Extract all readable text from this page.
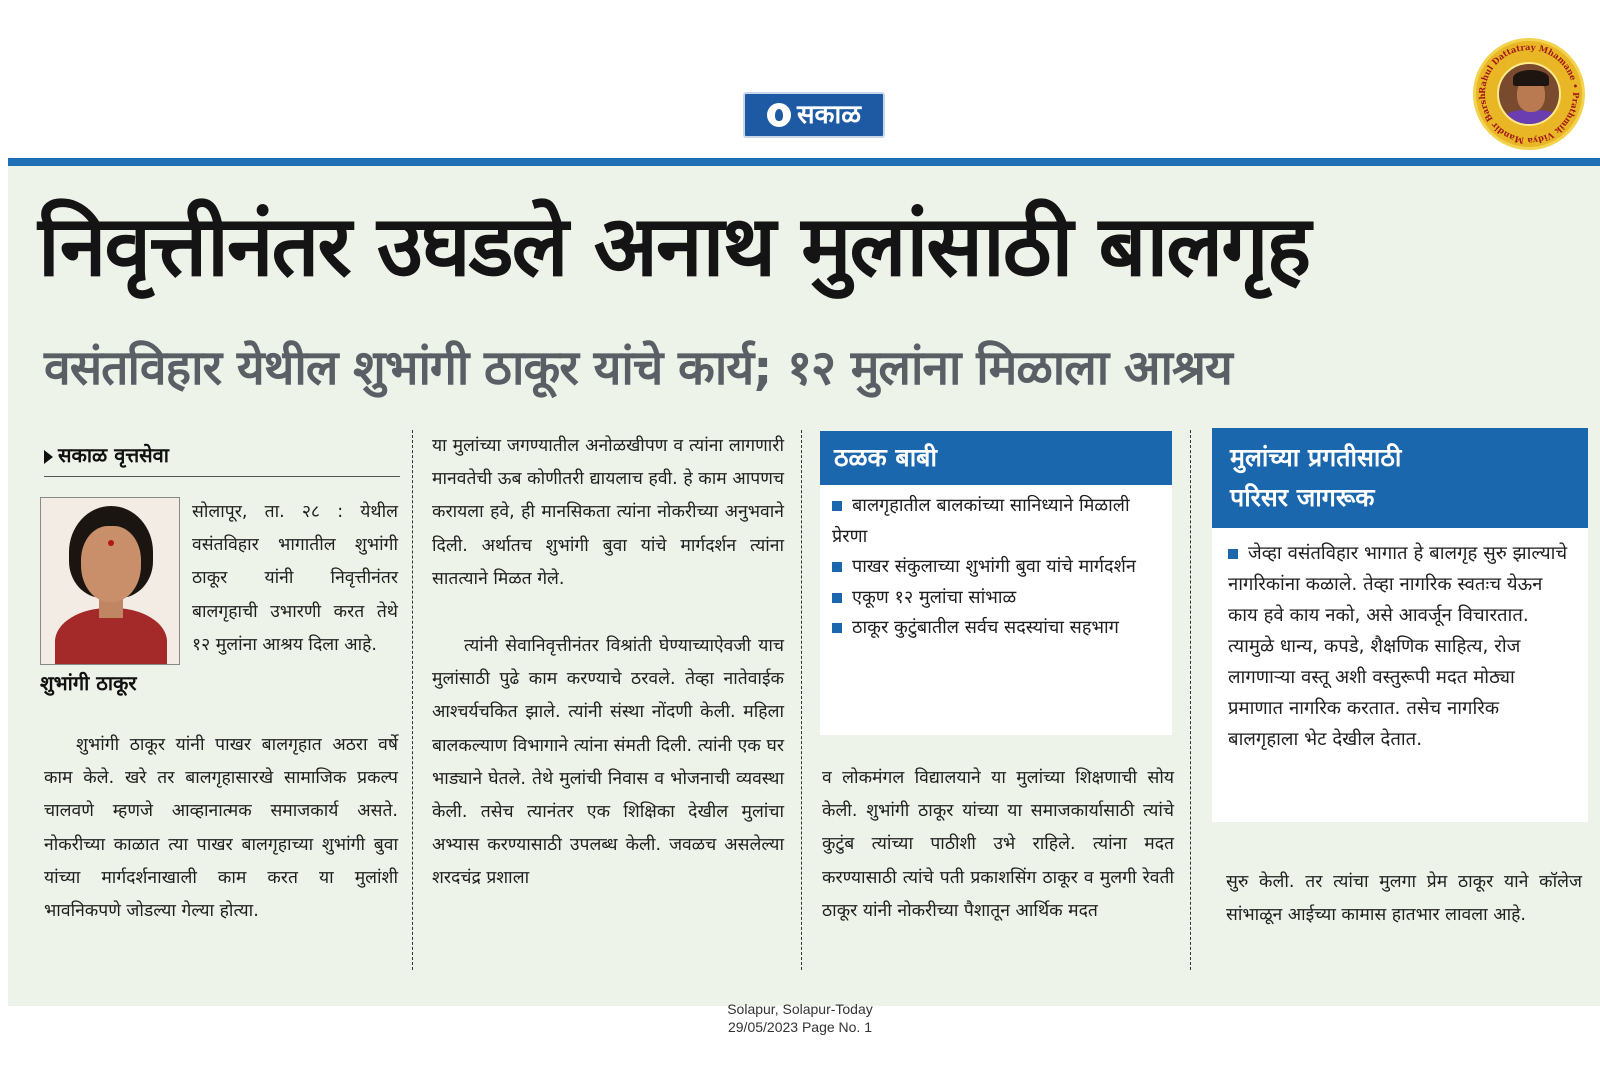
सकाळ
Rahul Dattatray Mhamane • Prathmik Vidya Mandir Barsh
निवृत्तीनंतर उघडले अनाथ मुलांसाठी बालगृह
वसंतविहार येथील शुभांगी ठाकूर यांचे कार्य; १२ मुलांना मिळाला आश्रय
सकाळ वृत्तसेवा
शुभांगी ठाकूर
सोलापूर, ता. २८ : येथील वसंतविहार भागातील शुभांगी ठाकूर यांनी निवृत्तीनंतर बालगृहाची उभारणी करत तेथे १२ मुलांना आश्रय दिला आहे.
शुभांगी ठाकूर यांनी पाखर बालगृहात अठरा वर्षे काम केले. खरे तर बालगृहासारखे सामाजिक प्रकल्प चालवणे म्हणजे आव्हानात्मक समाजकार्य असते. नोकरीच्या काळात त्या पाखर बालगृहाच्या शुभांगी बुवा यांच्या मार्गदर्शनाखाली काम करत या मुलांशी भावनिकपणे जोडल्या गेल्या होत्या.
या मुलांच्या जगण्यातील अनोळखीपण व त्यांना लागणारी मानवतेची ऊब कोणीतरी द्यायलाच हवी. हे काम आपणच करायला हवे, ही मानसिकता त्यांना नोकरीच्या अनुभवाने दिली. अर्थातच शुभांगी बुवा यांचे मार्गदर्शन त्यांना सातत्याने मिळत गेले.
त्यांनी सेवानिवृत्तीनंतर विश्रांती घेण्याच्याऐवजी याच मुलांसाठी पुढे काम करण्याचे ठरवले. तेव्हा नातेवाईक आश्चर्यचकित झाले. त्यांनी संस्था नोंदणी केली. महिला बालकल्याण विभागाने त्यांना संमती दिली. त्यांनी एक घर भाड्याने घेतले. तेथे मुलांची निवास व भोजनाची व्यवस्था केली. तसेच त्यानंतर एक शिक्षिका देखील मुलांचा अभ्यास करण्यासाठी उपलब्ध केली. जवळच असलेल्या शरदचंद्र प्रशाला
ठळक बाबी
बालगृहातील बालकांच्या सानिध्याने मिळाली प्रेरणा
पाखर संकुलाच्या शुभांगी बुवा यांचे मार्गदर्शन
एकूण १२ मुलांचा सांभाळ
ठाकूर कुटुंबातील सर्वच सदस्यांचा सहभाग
व लोकमंगल विद्यालयाने या मुलांच्या शिक्षणाची सोय केली. शुभांगी ठाकूर यांच्या या समाजकार्यासाठी त्यांचे कुटुंब त्यांच्या पाठीशी उभे राहिले. त्यांना मदत करण्यासाठी त्यांचे पती प्रकाशसिंग ठाकूर व मुलगी रेवती ठाकूर यांनी नोकरीच्या पैशातून आर्थिक मदत
मुलांच्या प्रगतीसाठी
परिसर जागरूक
जेव्हा वसंतविहार भागात हे बालगृह सुरु झाल्याचे नागरिकांना कळाले. तेव्हा नागरिक स्वतःच येऊन काय हवे काय नको, असे आवर्जून विचारतात. त्यामुळे धान्य, कपडे, शैक्षणिक साहित्य, रोज लागणाऱ्या वस्तू अशी वस्तुरूपी मदत मोठ्या प्रमाणात नागरिक करतात. तसेच नागरिक बालगृहाला भेट देखील देतात.
सुरु केली. तर त्यांचा मुलगा प्रेम ठाकूर याने कॉलेज सांभाळून आईच्या कामास हातभार लावला आहे.
Solapur, Solapur-Today
29/05/2023 Page No. 1
